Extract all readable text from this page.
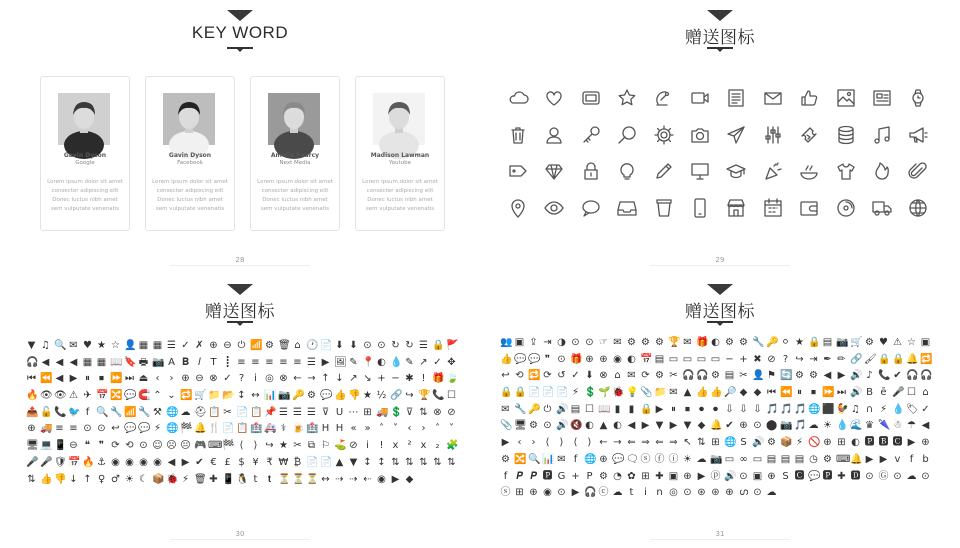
KEY WORD
Gavin Dyson
Google
Lorem ipsum dolor sit amet consecter adipiscing elit Donec luctus nibh amet sem vulputate venenatis
Gavin Dyson
Facebook
Lorem ipsum dolor sit amet consecter adipiscing elit Donec luctus nibh amet sem vulputate venenatis
Amelia Pearcy
Next Media
Lorem ipsum dolor sit amet consecter adipiscing elit Donec luctus nibh amet sem vulputate venenatis
Madison Lawman
Youtube
Lorem ipsum dolor sit amet consecter adipiscing elit Donec luctus nibh amet sem vulputate venenatis
28
赠送图标
29
赠送图标
▼ ♫ 🔍 ✉ ♥ ★ ☆ 👤 ▦ ▦ ☰ ✓ ✗ ⊕ ⊖ ⏻ 📶 ⚙ 🗑 ⌂ 🕐 📄 ⬇ ⬇ ⊙ ⊙ ↻ ↻ ☰ 🔒 🚩🎧 ◀ ◀ ◀ ▦ ▦ 📖 🔖 🖶 📷 A 𝐁 𝐼 T ┋ ≡ ≡ ≡ ≡ ≡ ☰ ▶ 🖼 ✎ 📍 ◐ 💧 ✎ ↗ ✓ ✥⏮ ⏪ ◀ ▶ ⏸ ⏹ ⏩ ⏭ ⏏ ‹ › ⊕ ⊖ ⊗ ✓ ? i ◎ ⊗ ← → ↑ ↓ ↗ ↘ + − ✱ ! 🎁 🍃🔥 👁👁 ⚠ ✈ 📅 🔀 💬 🧲 ⌃ ⌄ 🔁 🛒 📁 📂 ↕ ↔ 📊 📷 🔑 ⚙ 💬 👍 👎 ★ ½ 🔗 ↪ 🏆 📞 ☐📤 🔓 📞 🐦 f 🔍 🔧 📶 🔧 ⚒ 🌐 ☁ ⛑📋 ✂ 📄 📋 📌 ☰ ☰ ☰ ⊽ U ⋯ ⊞ 🚚 💲 ⊽ ⇅ ⊗ ⊘⊕ 🚚 ≡ ≡ ⊙ ⊙ ↩ 💬 💬 ⚡ 🌐 🏁 🔔 🍴 📄 📋 🏥 🚑 ⚕ 🍺 🏥 H Η « » ˄ ˅ ‹ › ˄ ˅🖥💻 📱 ⊖ ❝ ❞ ⟳ ⟲ ⊙ ☺ ☹ 😐 🎮 ⌨🏁 ⟨ ⟩ ↪ ★ ✂ ⧉ ⚐ ⛳ ⊘ i ! x ² x ₂ 🧩🎤 🎤 🛡📅 🔥 ⚓ ◉ ◉ ◉ ◉ ◀ ▶ ✔ € £ $ ¥ ₹ ₩ ₿ 📄 📄 ▲ ▼ ↕ ↕ ⇅ ⇅ ⇅ ⇅ ⇅⇅ 👍 👎 ↓ ↑ ♀ ♂ ☀ ☾ 📦 🐞 ⚡ 🗑 ✚ 📱 🐧 t 𝐭 ⏳ ⏳ ⏳ ↔ ⇢ ⇢ ⇠ ◉ ▶ ◆
30
赠送图标
👥 ▣ ⇪ ⇥ ◑ ⊙ ⊙ ☞ ✉ ⚙ ⚙ ⚙ 🏆 ✉ 🎁 ◐ ⚙ ⚙ 🔧 🔑 ⚪ ★ 🔒 ▤ 📷 🛒 ⚙ ♥ ⚠ ☆ ▣👍 💬 💬 ❞ ⊙ 🎁 ⊕ ⊕ ◉ ◐ 📅 ▤ ▭ ▭ ▭ ▭ − + ✖ ⊘ ? ↪ ⇥ ✒ ✏ 🔗 🖌🔒 🔒 🔔 🔁↩ ⟲ 🔁 ⟳ ↺ ✓ ⬇ ⊗ ⌂ ✉ ⟳ ⚙ ✂ 🎧 🎧 ⚙ ▤ ✂ 👤 ⚑ 🔄 ⚙ ⚙ ◀ ▶ 🔊 ♪ 📞 ✔ 🎧 🎧🔒 🔒 📄 📄 📄 ⚡ 💲 🌱 🐞 💡 📎 📁 ✉ ▲ 👍 👍 🔎 ◆ ◆ ⏮ ⏪ ⏸ ⏹ ⏩ ⏭ 🔊 B ē 🎤 ☐ ⌂✉ 🔧 🔑 ⏻ 🔊 ▤ ☐ 📖 ▮ ▮ 🔒 ▶ ⏸ ⏹ ⏺ ⏺ ⇩ ⇩ ⇩ 🎵 🎵 🎵 🌐 ⬛ 🐓 ♫ ∩ ⚡ 💧 🏷 ✓📎 🖥 ⚙ ⊙ 🔊 🔇 ◐ ▲ ◐ ◀ ▶ ▼ ▶ ▼ ◆ 🔔 ✔ ⊕ ⊙ ⬤ 📷 🎵 ☁ ☀ 💧 🌊 ♛ 🌂 ☃ ☂ ◀▶ ‹ › ⟨ ⟩ ⟨ ⟩ ← → ⇐ ⇒ ⇐ ⇒ ↖ ⇅ ⊞ 🌐 S 🔊 ⚙ 📦 ⚡ 🚫 ⊕ ⊞ ◐ 🅿 🅱 🅲 ▶ ⊕⚙ 🔀 🔍 📊 ✉ f 🌐 ⊕ 💬 🗨 ⓢ ⓕ ⓘ ☀ ☁ 📷 ▭ ∞ ▭ ▤ ▤ ▤ ◷ ⚙ ⌨🔔 ▶ ▶ v f bf 𝑷 𝑷 🅿 G + P ⚙ ◔ ✿ ⊞ ✚ ▣ ⊕ ▶ ⓟ 🔊 ⊙ ▣ ⊕ S 🅲 💬 🅿 ✚ 🅳 ⊙ Ⓖ ⊙ ☁ ⊙ⓢ ⊞ ⊕ ◉ ⊙ ▶ 🎧 ⓒ ☁ t i n ◎ ⊙ ⊛ ⊛ ⊕ ഗ ⊙ ☁
31
